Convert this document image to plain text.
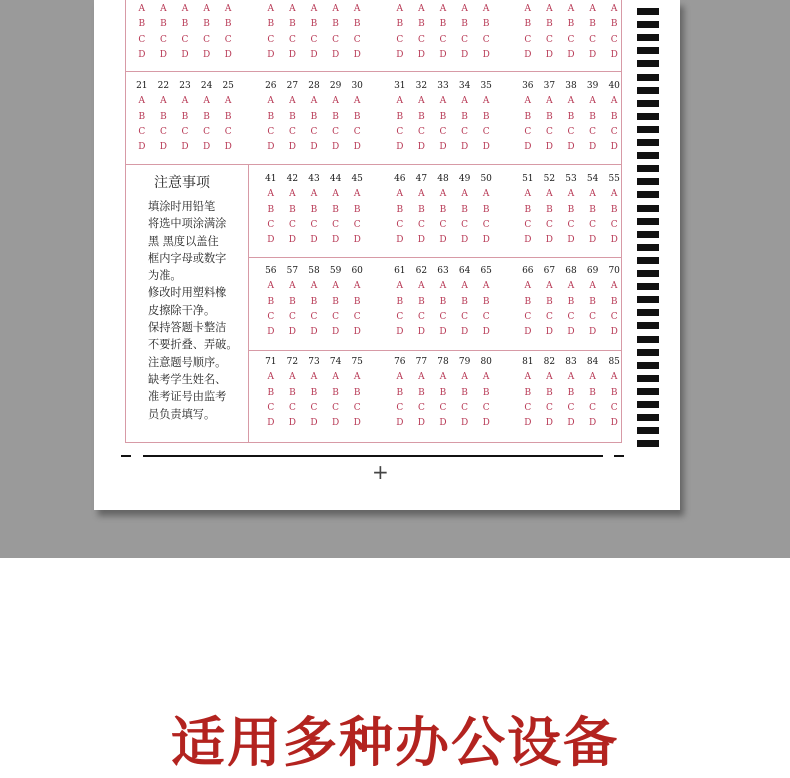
A	A	A	A	A
B	B	B	B	B
C	C	C	C	C
D	D	D	D	D
A	A	A	A	A
B	B	B	B	B
C	C	C	C	C
D	D	D	D	D
A	A	A	A	A
B	B	B	B	B
C	C	C	C	C
D	D	D	D	D
A	A	A	A	A
B	B	B	B	B
C	C	C	C	C
D	D	D	D	D
21	22	23	24	25
A	A	A	A	A
B	B	B	B	B
C	C	C	C	C
D	D	D	D	D
26	27	28	29	30
A	A	A	A	A
B	B	B	B	B
C	C	C	C	C
D	D	D	D	D
31	32	33	34	35
A	A	A	A	A
B	B	B	B	B
C	C	C	C	C
D	D	D	D	D
36	37	38	39	40
A	A	A	A	A
B	B	B	B	B
C	C	C	C	C
D	D	D	D	D
41	42	43	44	45
A	A	A	A	A
B	B	B	B	B
C	C	C	C	C
D	D	D	D	D
46	47	48	49	50
A	A	A	A	A
B	B	B	B	B
C	C	C	C	C
D	D	D	D	D
51	52	53	54	55
A	A	A	A	A
B	B	B	B	B
C	C	C	C	C
D	D	D	D	D
56	57	58	59	60
A	A	A	A	A
B	B	B	B	B
C	C	C	C	C
D	D	D	D	D
61	62	63	64	65
A	A	A	A	A
B	B	B	B	B
C	C	C	C	C
D	D	D	D	D
66	67	68	69	70
A	A	A	A	A
B	B	B	B	B
C	C	C	C	C
D	D	D	D	D
71	72	73	74	75
A	A	A	A	A
B	B	B	B	B
C	C	C	C	C
D	D	D	D	D
76	77	78	79	80
A	A	A	A	A
B	B	B	B	B
C	C	C	C	C
D	D	D	D	D
81	82	83	84	85
A	A	A	A	A
B	B	B	B	B
C	C	C	C	C
D	D	D	D	D
注意事项
填涂时用铅笔
将选中项涂满涂
黑 黑度以盖住
框内字母或数字
为准。
修改时用塑料橡
皮擦除干净。
保持答题卡整洁
不要折叠、弄破。
注意题号顺序。
缺考学生姓名、
准考证号由监考
员负责填写。
+
适用多种办公设备
